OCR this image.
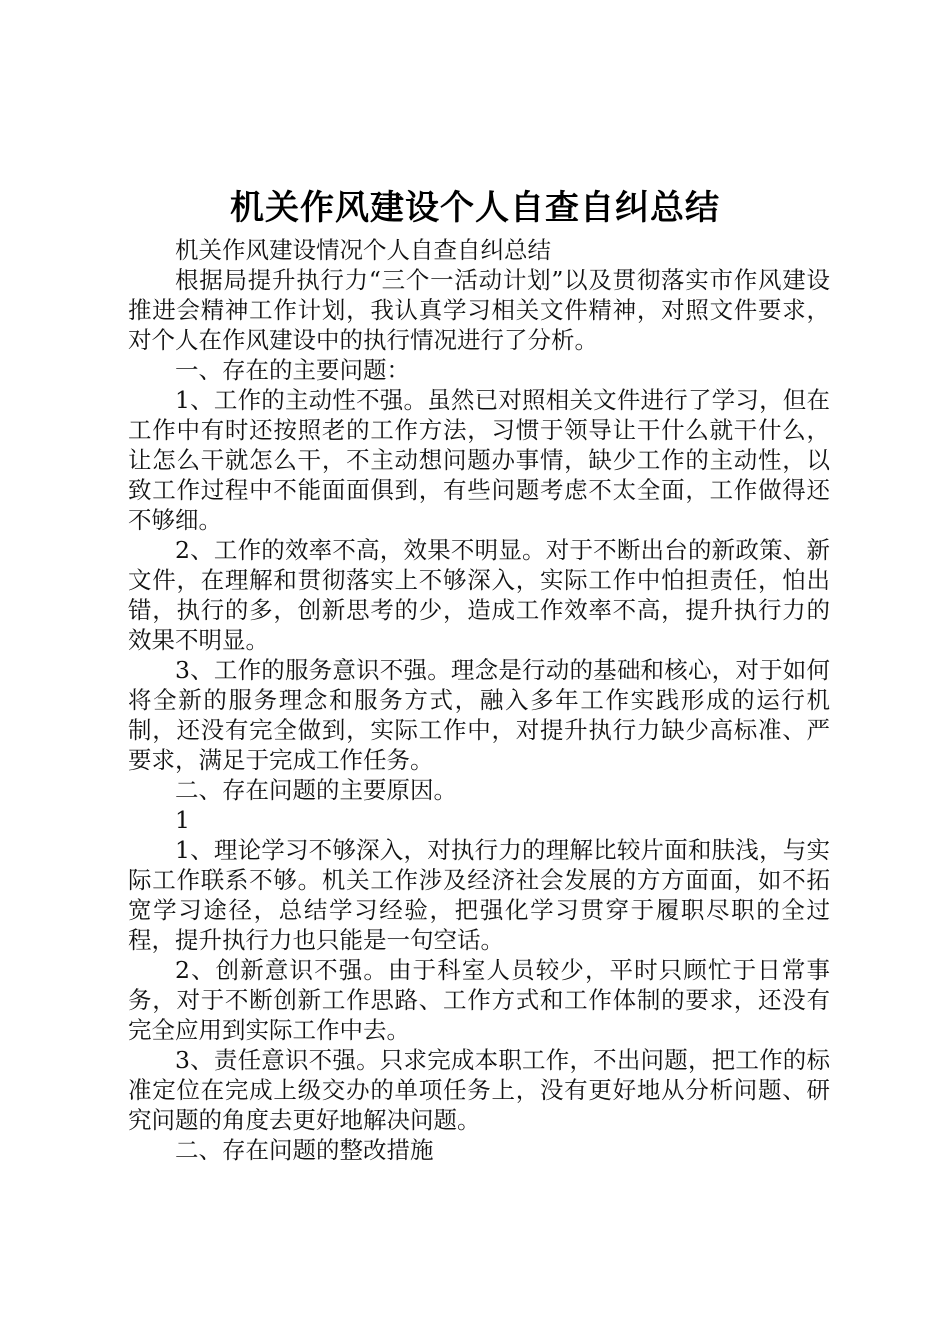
机关作风建设个人自查自纠总结

机关作风建设情况个人自查自纠总结

根据局提升执行力“三个一活动计划”以及贯彻落实市作风建设推进会精神工作计划，我认真学习相关文件精神，对照文件要求，对个人在作风建设中的执行情况进行了分析。

一、存在的主要问题：

1、工作的主动性不强。虽然已对照相关文件进行了学习，但在工作中有时还按照老的工作方法，习惯于领导让干什么就干什么，让怎么干就怎么干，不主动想问题办事情，缺少工作的主动性，以致工作过程中不能面面俱到，有些问题考虑不太全面，工作做得还不够细。

2、工作的效率不高，效果不明显。对于不断出台的新政策、新文件，在理解和贯彻落实上不够深入，实际工作中怕担责任，怕出错，执行的多，创新思考的少，造成工作效率不高，提升执行力的效果不明显。

3、工作的服务意识不强。理念是行动的基础和核心，对于如何将全新的服务理念和服务方式，融入多年工作实践形成的运行机制，还没有完全做到，实际工作中，对提升执行力缺少高标准、严要求，满足于完成工作任务。

二、存在问题的主要原因。

1

1、理论学习不够深入，对执行力的理解比较片面和肤浅，与实际工作联系不够。机关工作涉及经济社会发展的方方面面，如不拓宽学习途径，总结学习经验，把强化学习贯穿于履职尽职的全过程，提升执行力也只能是一句空话。

2、创新意识不强。由于科室人员较少，平时只顾忙于日常事务，对于不断创新工作思路、工作方式和工作体制的要求，还没有完全应用到实际工作中去。

3、责任意识不强。只求完成本职工作，不出问题，把工作的标准定位在完成上级交办的单项任务上，没有更好地从分析问题、研究问题的角度去更好地解决问题。

二、存在问题的整改措施
